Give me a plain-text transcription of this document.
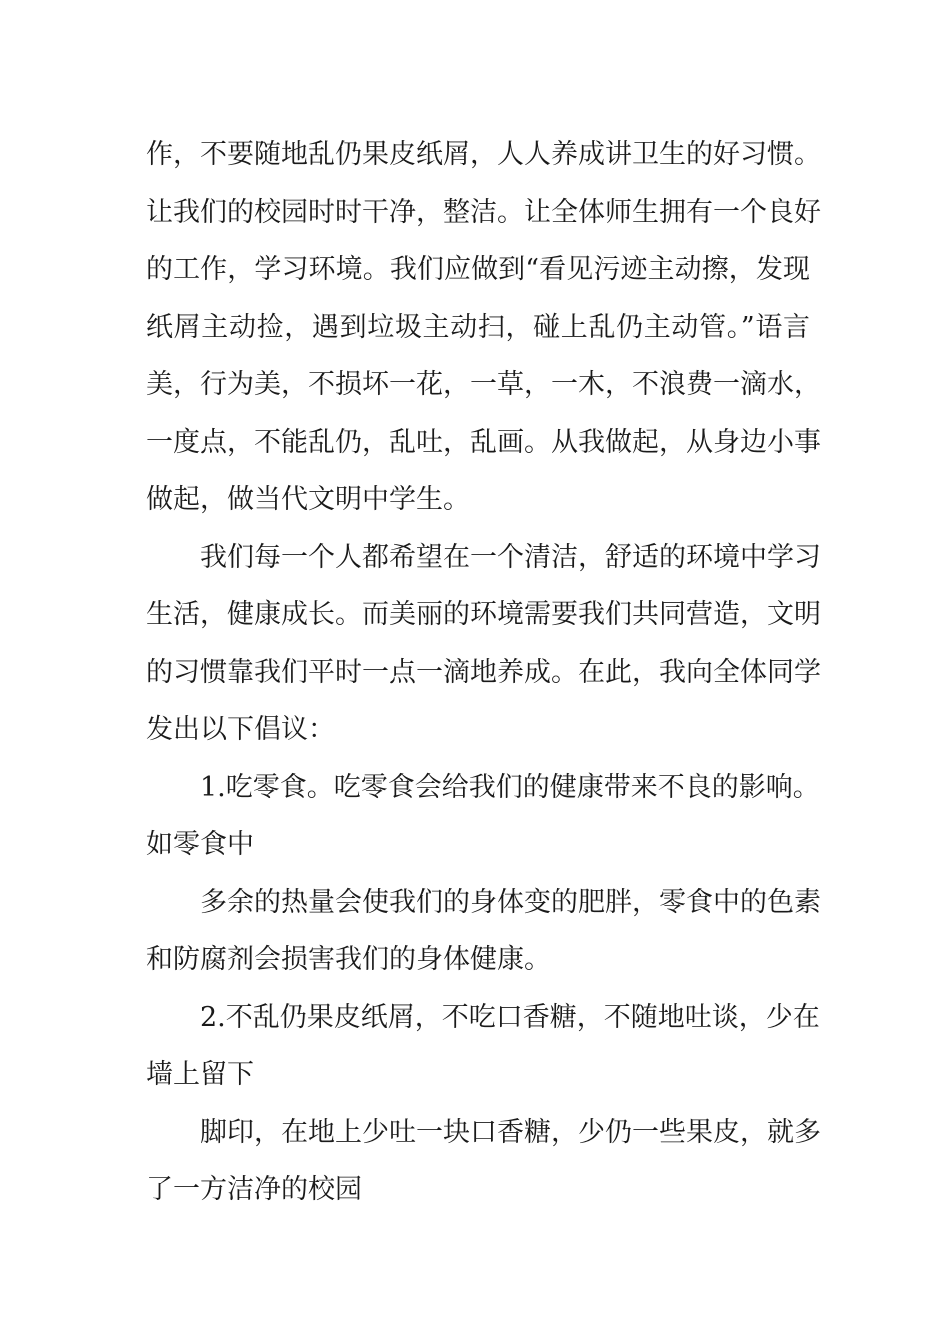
作，不要随地乱仍果皮纸屑，人人养成讲卫生的好习惯。
让我们的校园时时干净，整洁。让全体师生拥有一个良好
的工作，学习环境。我们应做到“看见污迹主动擦，发现
纸屑主动捡，遇到垃圾主动扫，碰上乱仍主动管。”语言
美，行为美，不损坏一花，一草，一木，不浪费一滴水，
一度点，不能乱仍，乱吐，乱画。从我做起，从身边小事
做起，做当代文明中学生。
我们每一个人都希望在一个清洁，舒适的环境中学习
生活，健康成长。而美丽的环境需要我们共同营造，文明
的习惯靠我们平时一点一滴地养成。在此，我向全体同学
发出以下倡议：
1.吃零食。吃零食会给我们的健康带来不良的影响。
如零食中
多余的热量会使我们的身体变的肥胖，零食中的色素
和防腐剂会损害我们的身体健康。
2.不乱仍果皮纸屑，不吃口香糖，不随地吐谈，少在
墙上留下
脚印，在地上少吐一块口香糖，少仍一些果皮，就多
了一方洁净的校园
